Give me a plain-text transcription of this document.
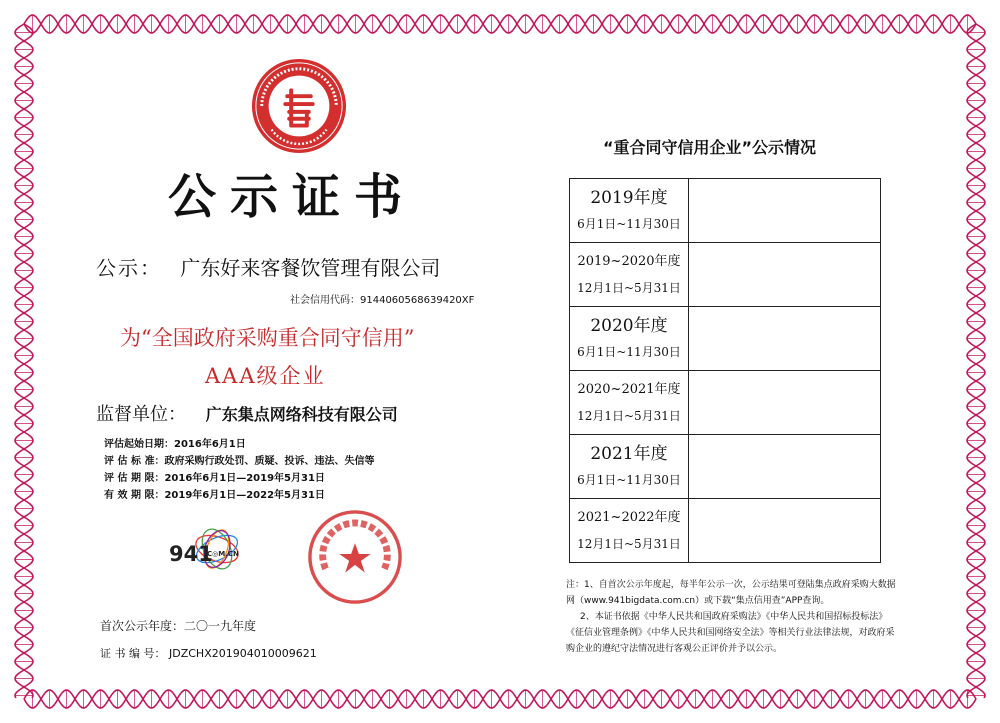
公示证书
公示： 广东好来客餐饮管理有限公司
社会信用代码：914406056863942​0XF
为“全国政府采购重合同守信用”
AAA级企业
监督单位： 广东集点网络科技有限公司
评估起始日期：2016年6月1日
评 估 标 准：政府采购行政处罚、质疑、投诉、违法、失信等
评 估 期 限：2016年6月1日—2019年5月31日
有 效 期 限：2019年6月1日—2022年5月31日
941
C◎M.CN
首次公示年度：二〇一九年度
证 书 编 号： JDZCHX201904010009621
“重合同守信用企业”公示情况
2019年度
6月1日~11月30日	

2019~2020年度
12月1日~5月31日	

2020年度
6月1日~11月30日	

2020~2021年度
12月1日~5月31日	

2021年度
6月1日~11月30日	

2021~2022年度
12月1日~5月31日	

注：1、自首次公示年度起，每半年公示一次，公示结果可登陆集点政府采购大数据网（www.941bigdata.com.cn）或下载“集点信用查”APP查询。

2、本证书依据《中华人民共和国政府采购法》《中华人民共和国招标投标法》《征信业管理条例》《中华人民共和国网络安全法》等相关行业法律法规，对政府采购企业的遵纪守法情况进行客观公正评价并予以公示。
